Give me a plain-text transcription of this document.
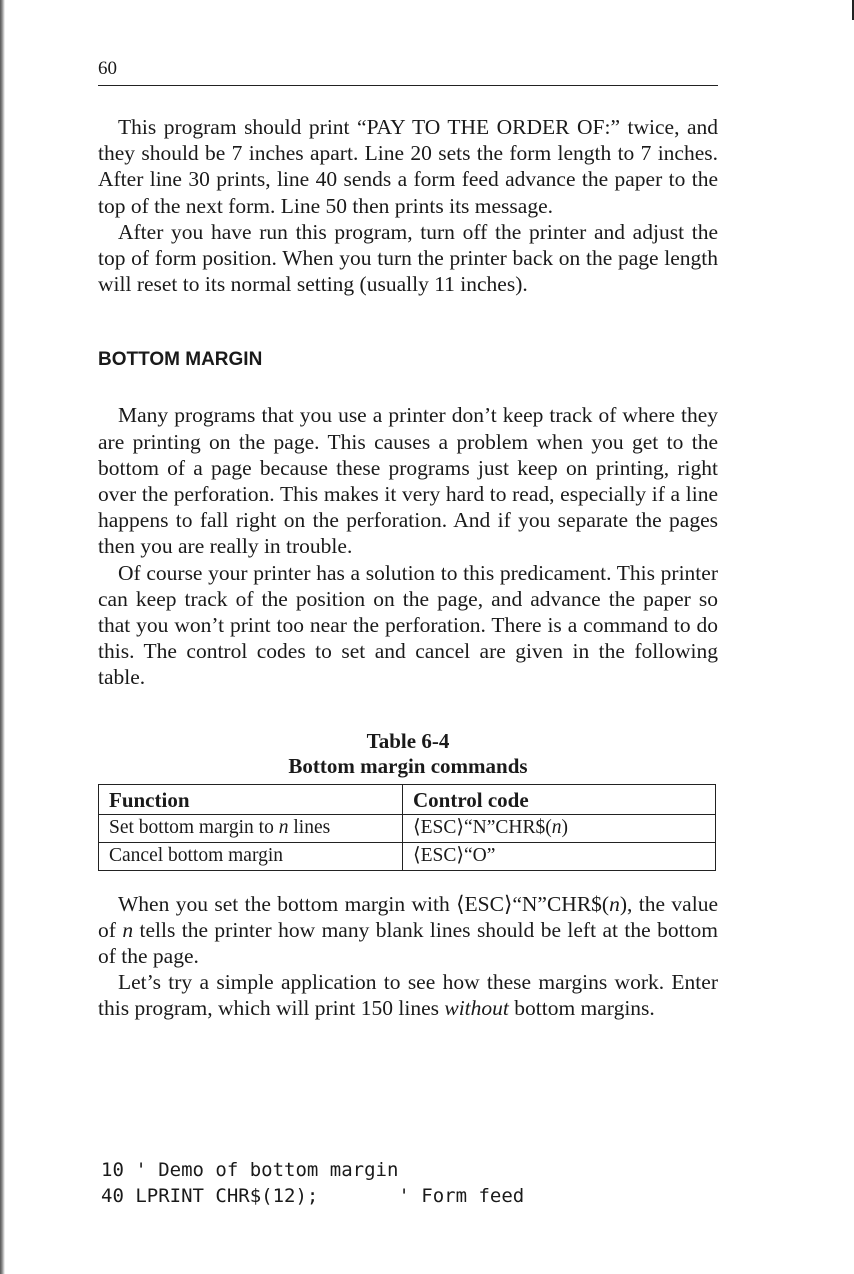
60

This program should print “PAY TO THE ORDER OF:” twice, and they should be 7 inches apart. Line 20 sets the form length to 7 inches. After line 30 prints, line 40 sends a form feed advance the paper to the top of the next form. Line 50 then prints its message.

After you have run this program, turn off the printer and adjust the top of form position. When you turn the printer back on the page length will reset to its normal setting (usually 11 inches).

BOTTOM MARGIN

Many programs that you use a printer don’t keep track of where they are printing on the page. This causes a problem when you get to the bottom of a page because these programs just keep on printing, right over the perforation. This makes it very hard to read, especially if a line happens to fall right on the perforation. And if you separate the pages then you are really in trouble.

Of course your printer has a solution to this predicament. This printer can keep track of the position on the page, and advance the paper so that you won’t print too near the perforation. There is a command to do this. The control codes to set and cancel are given in the following table.

Table 6-4
Bottom margin commands
Function	Control code
Set bottom margin to n lines	⟨ESC⟩“N”CHR$(n)
Cancel bottom margin	⟨ESC⟩“O”

When you set the bottom margin with ⟨ESC⟩“N”CHR$(n), the value of n tells the printer how many blank lines should be left at the bottom of the page.

Let’s try a simple application to see how these margins work. Enter this program, which will print 150 lines without bottom margins.

10 ' Demo of bottom margin
40 LPRINT CHR$(12);       ' Form feed
